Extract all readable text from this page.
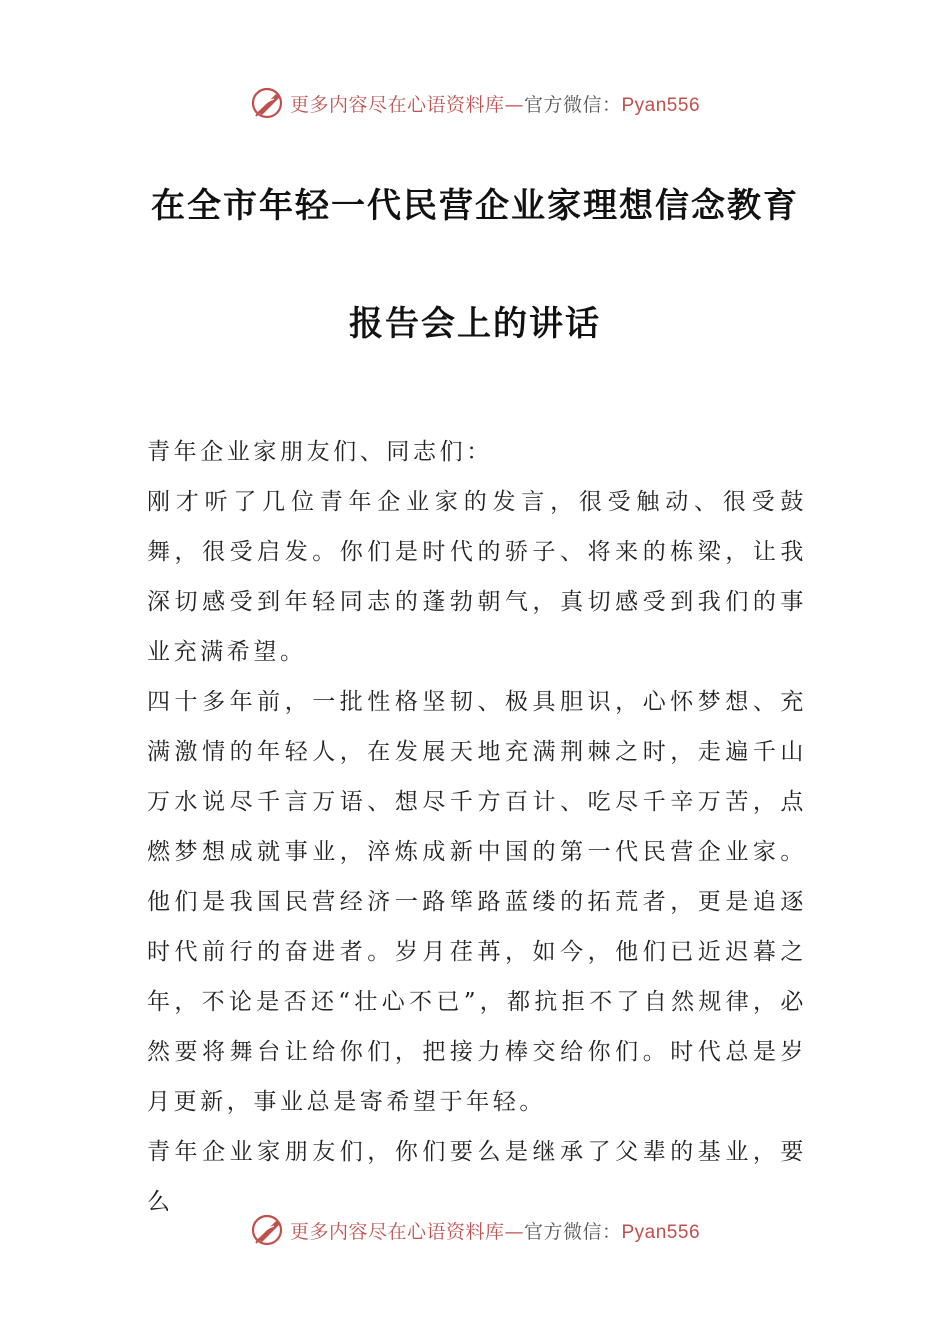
更多内容尽在心语资料库—官方微信：Pyan556
在全市年轻一代民营企业家理想信念教育
报告会上的讲话

青年企业家朋友们、同志们：

刚才听了几位青年企业家的发言，很受触动、很受鼓舞，很受启发。你们是时代的骄子、将来的栋梁，让我深切感受到年轻同志的蓬勃朝气，真切感受到我们的事业充满希望。

四十多年前，一批性格坚韧、极具胆识，心怀梦想、充满激情的年轻人，在发展天地充满荆棘之时，走遍千山万水说尽千言万语、想尽千方百计、吃尽千辛万苦，点燃梦想成就事业，淬炼成新中国的第一代民营企业家。他们是我国民营经济一路筚路蓝缕的拓荒者，更是追逐时代前行的奋进者。岁月荏苒，如今，他们已近迟暮之年，不论是否还“壮心不已”，都抗拒不了自然规律，必然要将舞台让给你们，把接力棒交给你们。时代总是岁月更新，事业总是寄希望于年轻。

青年企业家朋友们，你们要么是继承了父辈的基业，要么

更多内容尽在心语资料库—官方微信：Pyan556
